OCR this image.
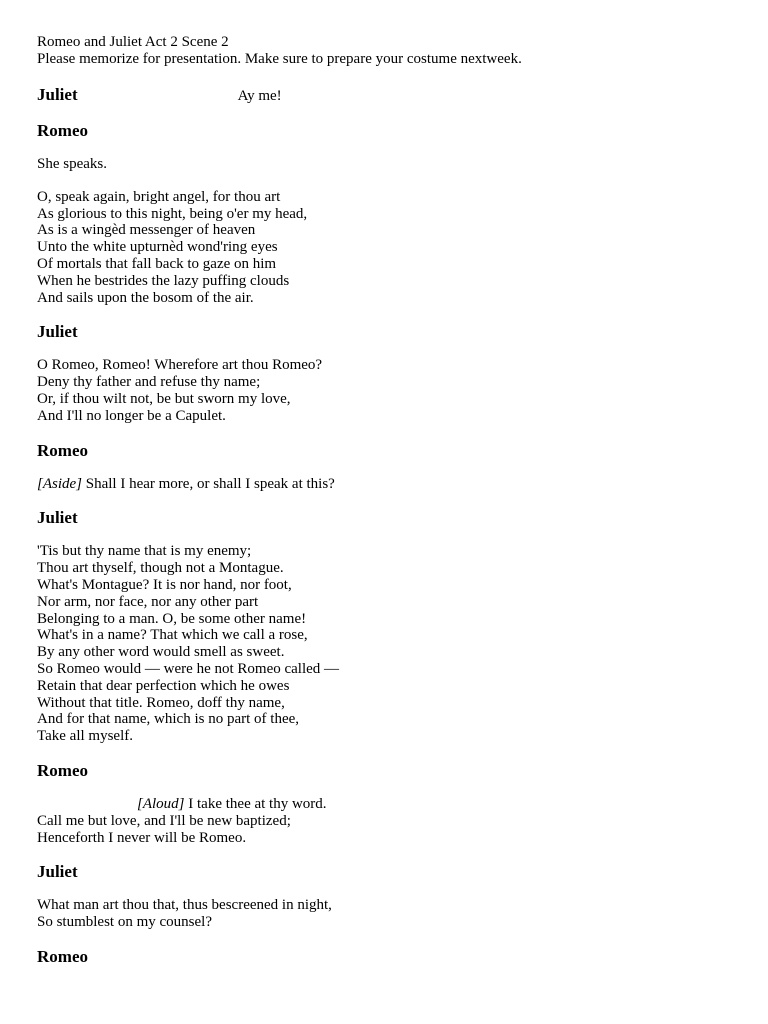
Romeo and Juliet Act 2 Scene 2
Please memorize for presentation. Make sure to prepare your costume nextweek.
Juliet	Ay me!
Romeo
She speaks.
O, speak again, bright angel, for thou art
As glorious to this night, being o'er my head,
As is a wingèd messenger of heaven
Unto the white upturnèd wond'ring eyes
Of mortals that fall back to gaze on him
When he bestrides the lazy puffing clouds
And sails upon the bosom of the air.
Juliet
O Romeo, Romeo! Wherefore art thou Romeo?
Deny thy father and refuse thy name;
Or, if thou wilt not, be but sworn my love,
And I'll no longer be a Capulet.
Romeo
[Aside] Shall I hear more, or shall I speak at this?
Juliet
'Tis but thy name that is my enemy;
Thou art thyself, though not a Montague.
What's Montague? It is nor hand, nor foot,
Nor arm, nor face, nor any other part
Belonging to a man. O, be some other name!
What's in a name? That which we call a rose,
By any other word would smell as sweet.
So Romeo would — were he not Romeo called —
Retain that dear perfection which he owes
Without that title. Romeo, doff thy name,
And for that name, which is no part of thee,
Take all myself.
Romeo
[Aloud] I take thee at thy word.
Call me but love, and I'll be new baptized;
Henceforth I never will be Romeo.
Juliet
What man art thou that, thus bescreened in night,
So stumblest on my counsel?
Romeo
